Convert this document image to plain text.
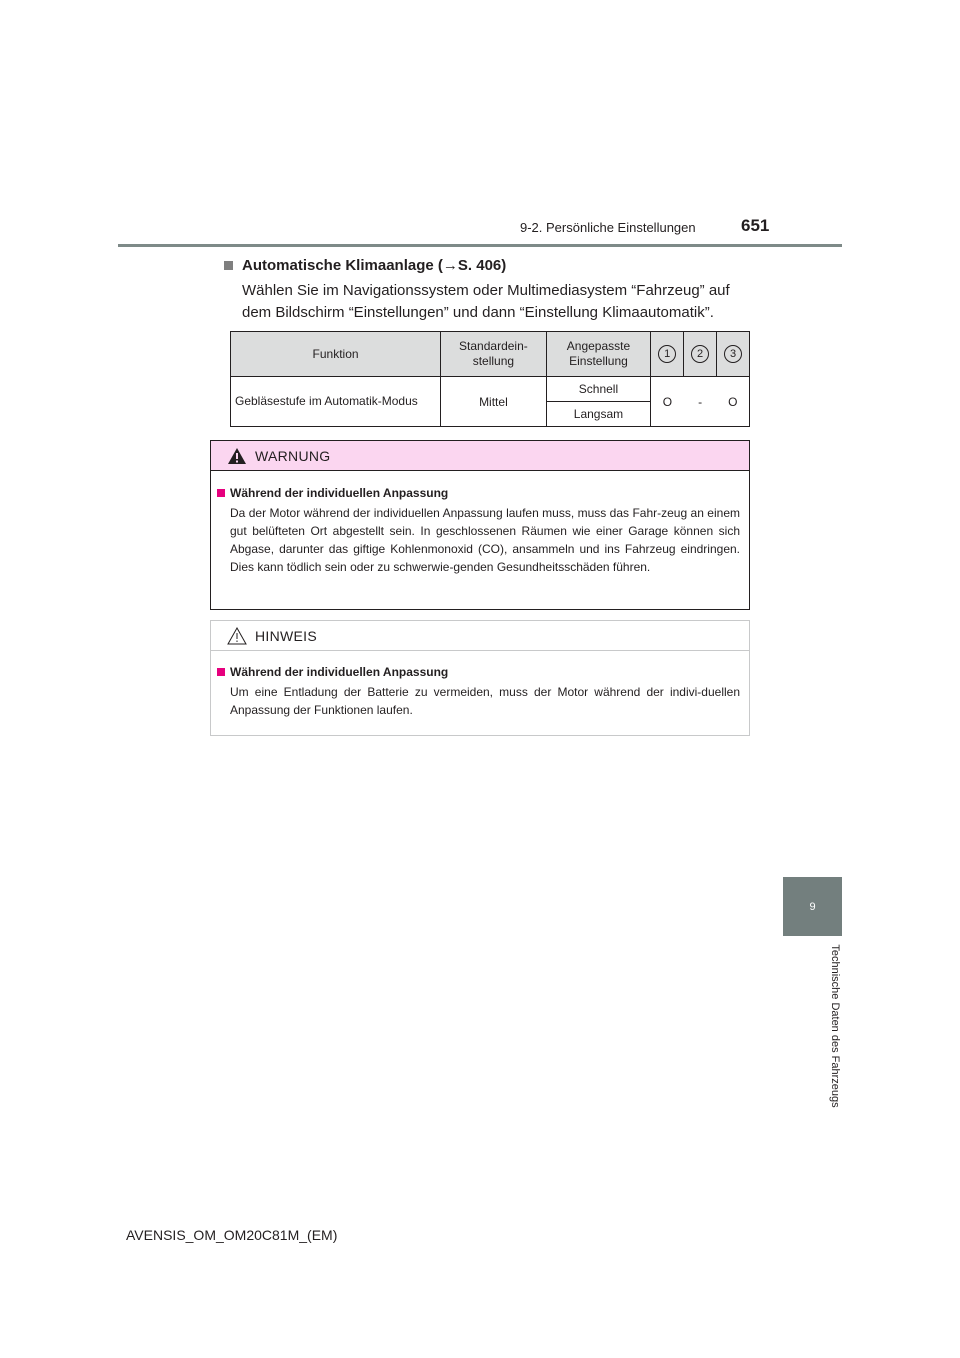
9-2. Persönliche Einstellungen	651
9
Technische Daten des Fahrzeugs
Automatische Klimaanlage (→S. 406)
Wählen Sie im Navigationssystem oder Multimediasystem “Fahrzeug” auf dem Bildschirm “Einstellungen” und dann “Einstellung Klimaautomatik”.
Funktion	Standardein-stellung	Angepasste Einstellung	1	2	3
Gebläsestufe im Automatik-Modus	Mittel	Schnell	O	-	O
		Langsam			
WARNUNG
Während der individuellen Anpassung
Da der Motor während der individuellen Anpassung laufen muss, muss das Fahr-zeug an einem gut belüfteten Ort abgestellt sein. In geschlossenen Räumen wie einer Garage können sich Abgase, darunter das giftige Kohlenmonoxid (CO), ansammeln und ins Fahrzeug eindringen. Dies kann tödlich sein oder zu schwerwie-genden Gesundheitsschäden führen.
HINWEIS
Während der individuellen Anpassung
Um eine Entladung der Batterie zu vermeiden, muss der Motor während der indivi-duellen Anpassung der Funktionen laufen.
AVENSIS_OM_OM20C81M_(EM)
